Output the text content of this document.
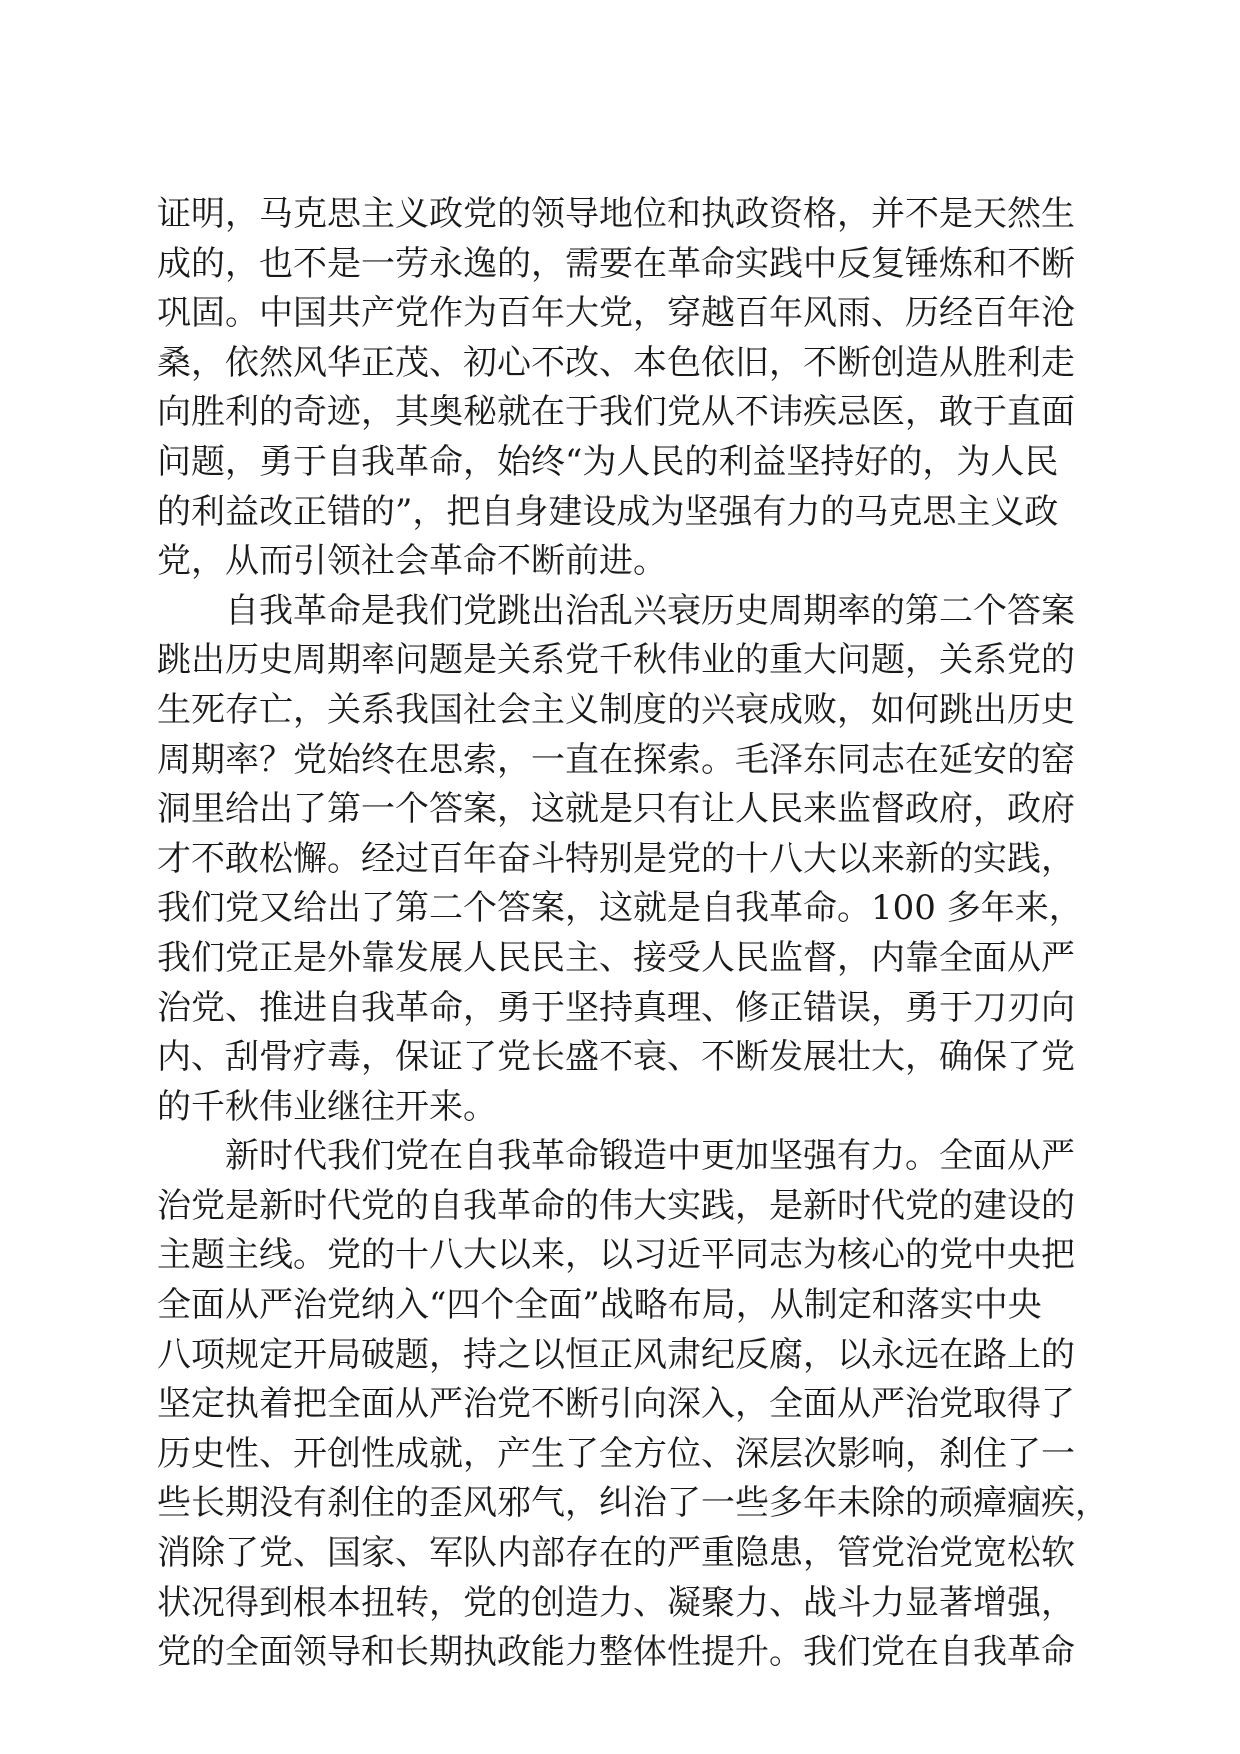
证明，马克思主义政党的领导地位和执政资格，并不是天然生
成的，也不是一劳永逸的，需要在革命实践中反复锤炼和不断
巩固。中国共产党作为百年大党，穿越百年风雨、历经百年沧
桑，依然风华正茂、初心不改、本色依旧，不断创造从胜利走
向胜利的奇迹，其奥秘就在于我们党从不讳疾忌医，敢于直面
问题，勇于自我革命，始终“为人民的利益坚持好的，为人民
的利益改正错的”，把自身建设成为坚强有力的马克思主义政
党，从而引领社会革命不断前进。
自我革命是我们党跳出治乱兴衰历史周期率的第二个答案
跳出历史周期率问题是关系党千秋伟业的重大问题，关系党的
生死存亡，关系我国社会主义制度的兴衰成败，如何跳出历史
周期率？党始终在思索，一直在探索。毛泽东同志在延安的窑
洞里给出了第一个答案，这就是只有让人民来监督政府，政府
才不敢松懈。经过百年奋斗特别是党的十八大以来新的实践，
我们党又给出了第二个答案，这就是自我革命。100 多年来，
我们党正是外靠发展人民民主、接受人民监督，内靠全面从严
治党、推进自我革命，勇于坚持真理、修正错误，勇于刀刃向
内、刮骨疗毒，保证了党长盛不衰、不断发展壮大，确保了党
的千秋伟业继往开来。
新时代我们党在自我革命锻造中更加坚强有力。全面从严
治党是新时代党的自我革命的伟大实践，是新时代党的建设的
主题主线。党的十八大以来，以习近平同志为核心的党中央把
全面从严治党纳入“四个全面”战略布局，从制定和落实中央
八项规定开局破题，持之以恒正风肃纪反腐，以永远在路上的
坚定执着把全面从严治党不断引向深入，全面从严治党取得了
历史性、开创性成就，产生了全方位、深层次影响，刹住了一
些长期没有刹住的歪风邪气，纠治了一些多年未除的顽瘴痼疾，
消除了党、国家、军队内部存在的严重隐患，管党治党宽松软
状况得到根本扭转，党的创造力、凝聚力、战斗力显著增强，
党的全面领导和长期执政能力整体性提升。我们党在自我革命
